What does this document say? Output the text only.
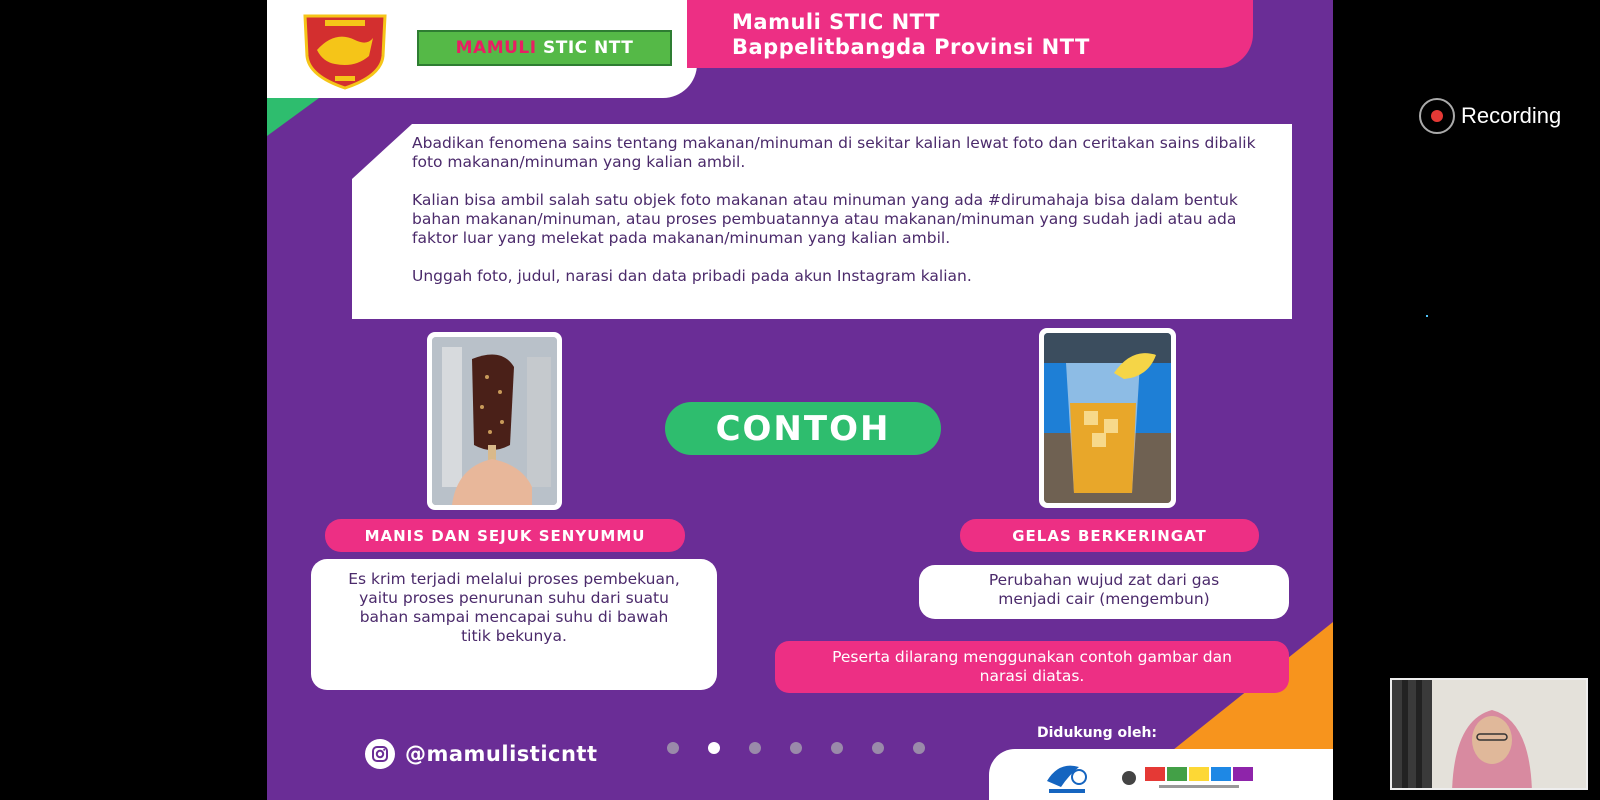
Mamuli STIC NTT
Bappelitbangda Provinsi NTT
MAMULI
STIC NTT

Abadikan fenomena sains tentang makanan/minuman di sekitar kalian lewat foto dan ceritakan sains dibalik foto makanan/minuman yang kalian ambil.

Kalian bisa ambil salah satu objek foto makanan atau minuman yang ada #dirumahaja bisa dalam bentuk bahan makanan/minuman, atau proses pembuatannya atau makanan/minuman yang sudah jadi atau ada faktor luar yang melekat pada makanan/minuman yang kalian ambil.

Unggah foto, judul, narasi dan data pribadi pada akun Instagram kalian.

CONTOH
MANIS DAN SEJUK SENYUMMU	GELAS BERKERINGAT
Es krim terjadi melalui proses pembekuan, yaitu proses penurunan suhu dari suatu bahan sampai mencapai suhu di bawah titik bekunya.
Perubahan wujud zat dari gas menjadi cair (mengembun)
Peserta dilarang menggunakan contoh gambar dan narasi diatas.
@mamulisticntt
Didukung oleh:
Recording
